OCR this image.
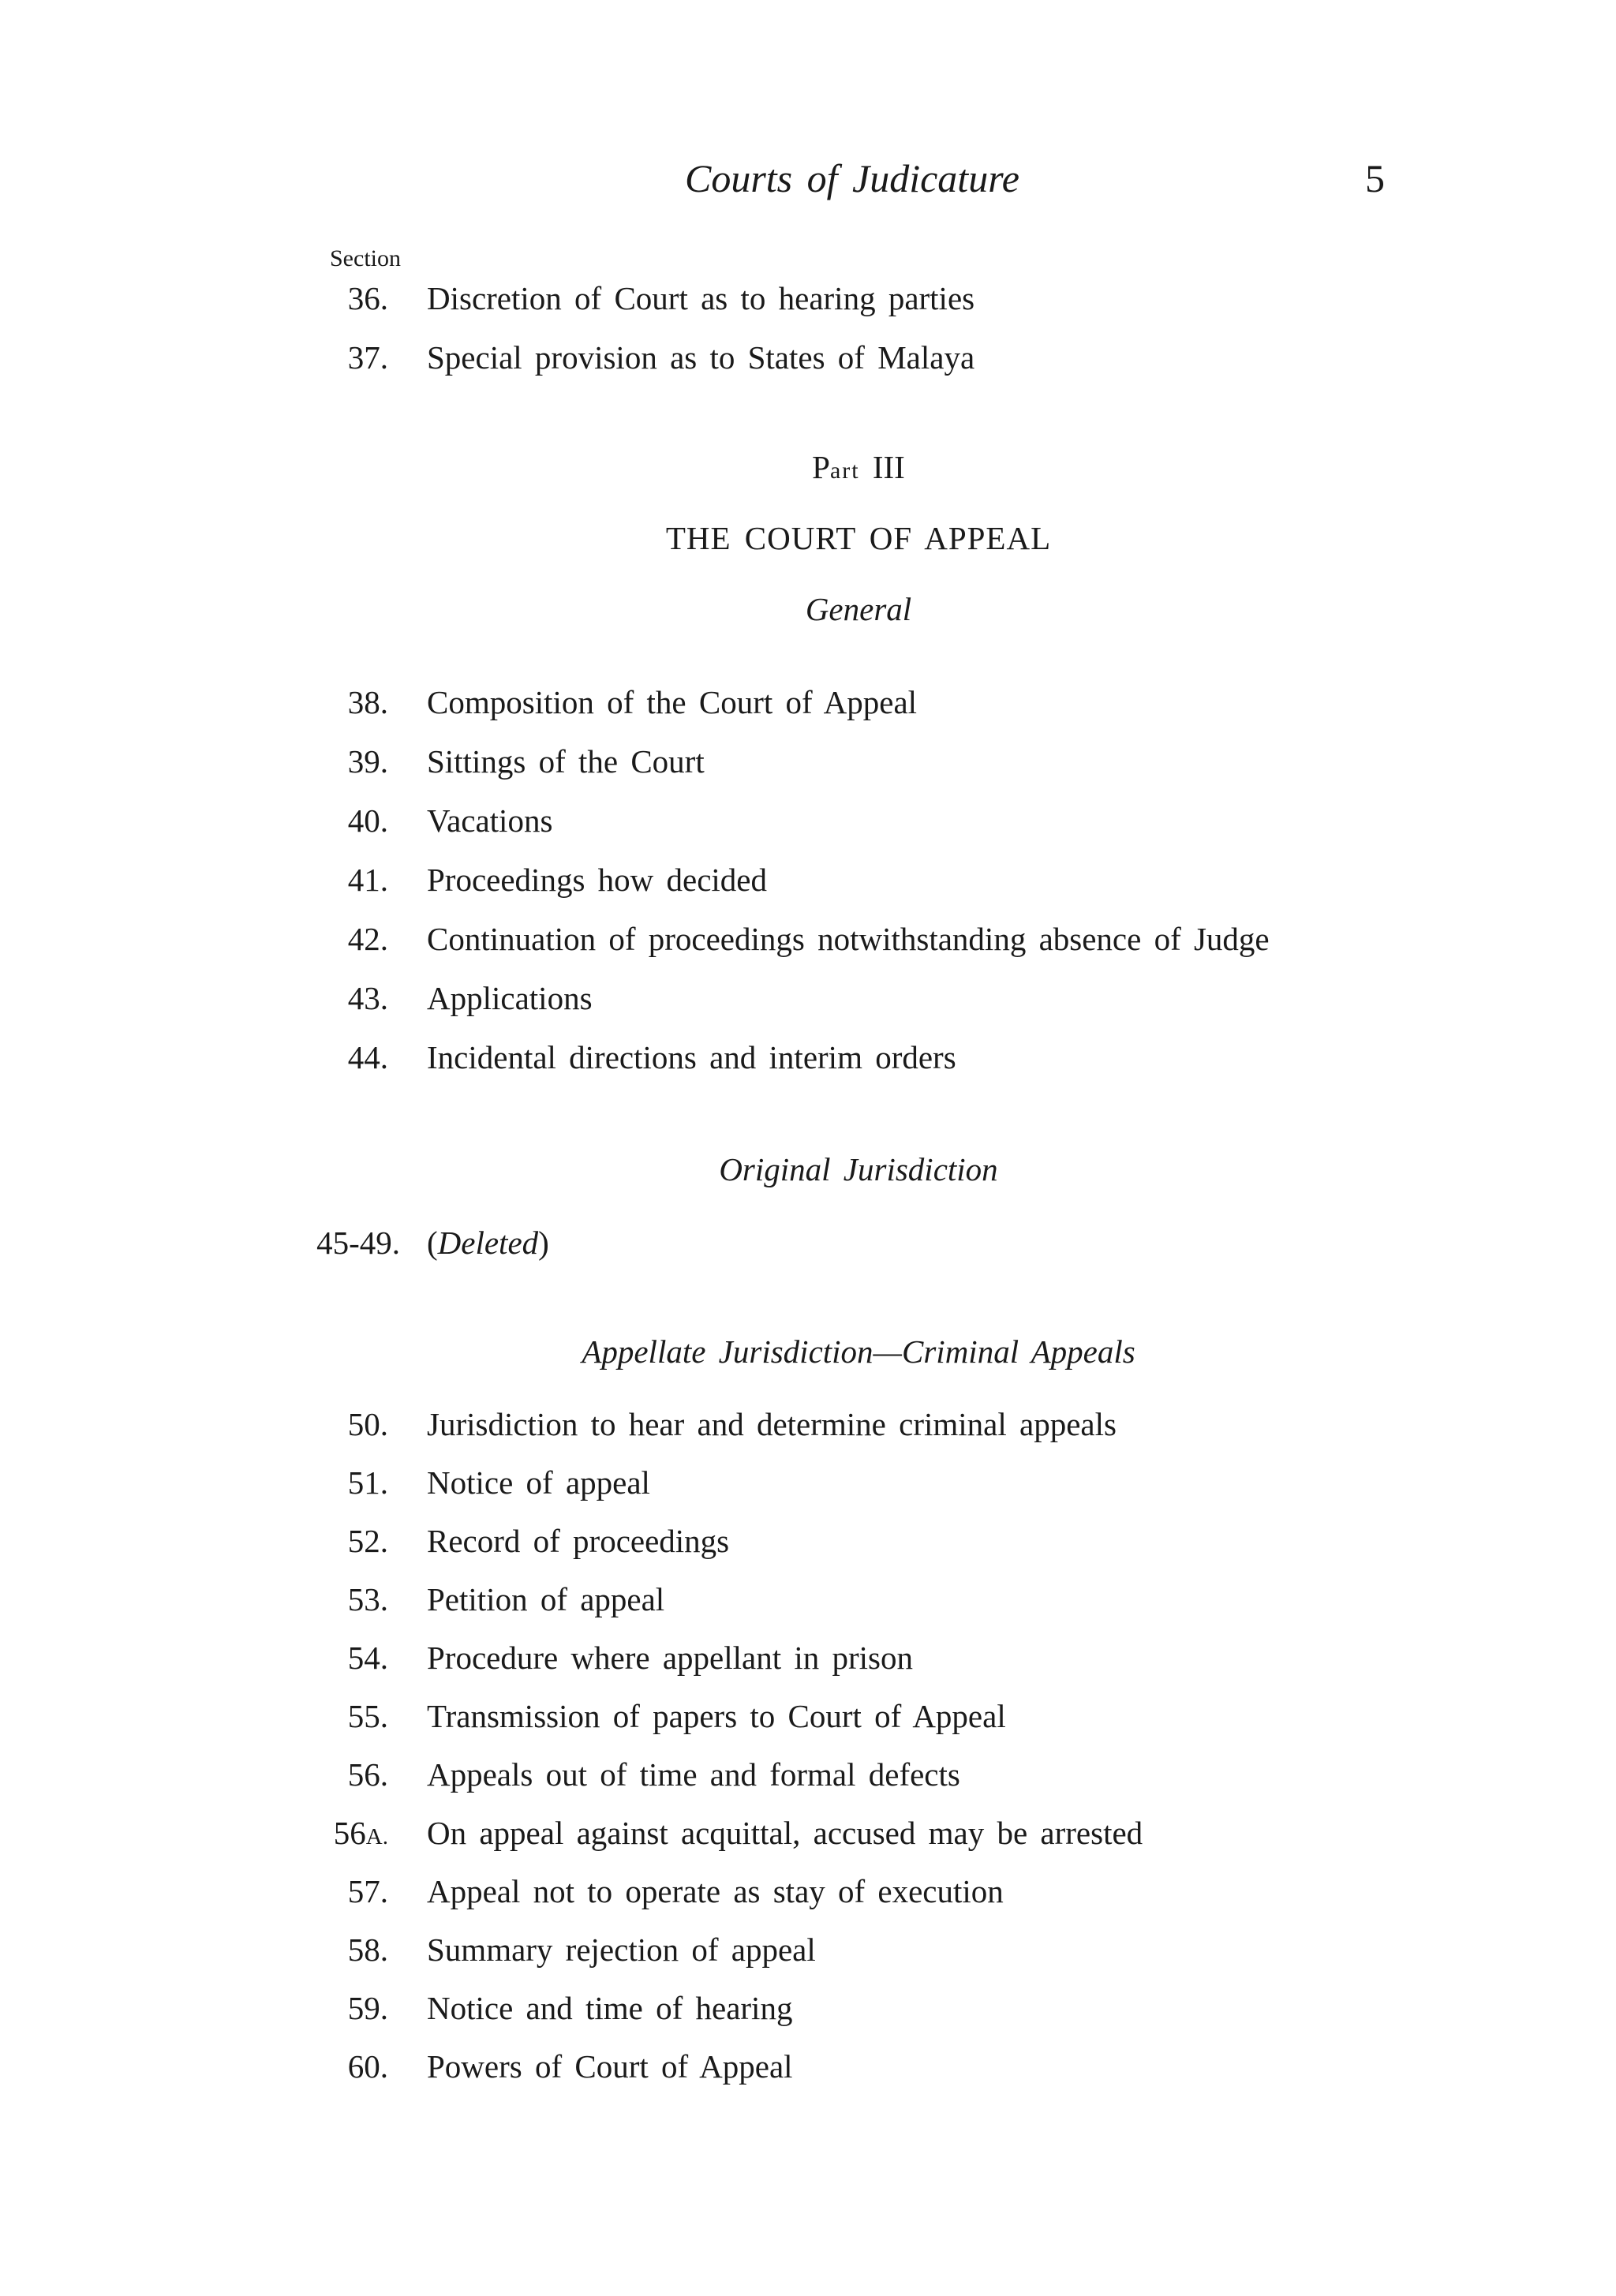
Courts of Judicature	5
Section
36. Discretion of Court as to hearing parties
37. Special provision as to States of Malaya
Part III
THE COURT OF APPEAL
General
38. Composition of the Court of Appeal
39. Sittings of the Court
40. Vacations
41. Proceedings how decided
42. Continuation of proceedings notwithstanding absence of Judge
43. Applications
44. Incidental directions and interim orders
Original Jurisdiction
45-49. (Deleted)
Appellate Jurisdiction—Criminal Appeals
50. Jurisdiction to hear and determine criminal appeals
51. Notice of appeal
52. Record of proceedings
53. Petition of appeal
54. Procedure where appellant in prison
55. Transmission of papers to Court of Appeal
56. Appeals out of time and formal defects
56A. On appeal against acquittal, accused may be arrested
57. Appeal not to operate as stay of execution
58. Summary rejection of appeal
59. Notice and time of hearing
60. Powers of Court of Appeal
